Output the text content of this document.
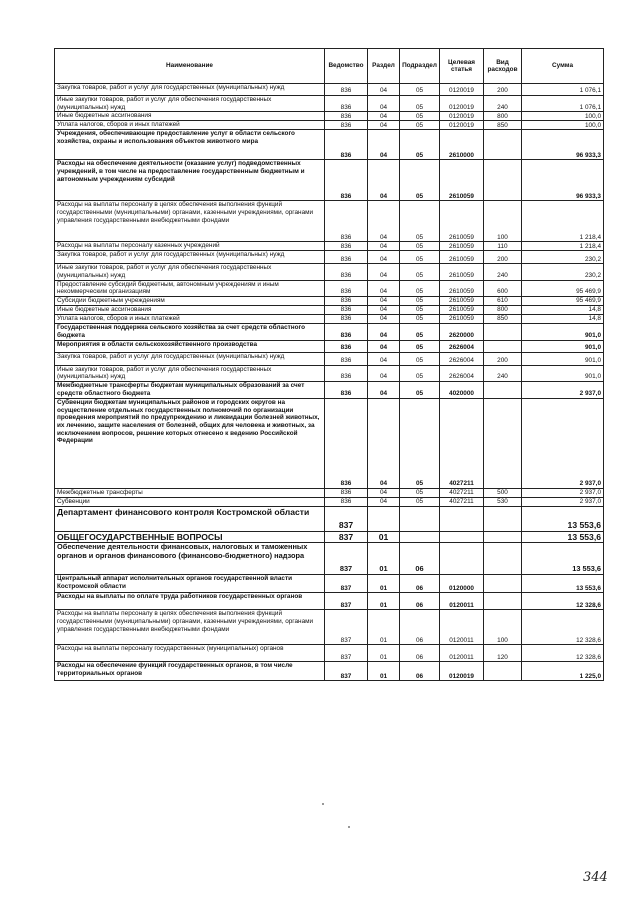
Наименование	Ведомство	Раздел	Подраздел	Целевая статья	Вид расходов	Сумма
Закупка товаров, работ и услуг для государственных (муниципальных) нужд	836	04	05	0120019	200	1 076,1
Иные закупки товаров, работ и услуг для обеспечения государственных (муниципальных) нужд	836	04	05	0120019	240	1 076,1
Иные бюджетные ассигнования	836	04	05	0120019	800	100,0
Уплата налогов, сборов и иных платежей	836	04	05	0120019	850	100,0
Учреждения, обеспечивающие предоставление услуг в области сельского хозяйства, охраны и использования объектов животного мира	836	04	05	2610000		96 933,3
Расходы на обеспечение деятельности (оказание услуг) подведомственных учреждений, в том числе на предоставление государственным бюджетным и автономным учреждениям субсидий	836	04	05	2610059		96 933,3
Расходы на выплаты персоналу в целях обеспечения выполнения функций государственными (муниципальными) органами, казенными учреждениями, органами управления государственными внебюджетными фондами	836	04	05	2610059	100	1 218,4
Расходы на выплаты персоналу казенных учреждений	836	04	05	2610059	110	1 218,4
Закупка товаров, работ и услуг для государственных (муниципальных) нужд	836	04	05	2610059	200	230,2
Иные закупки товаров, работ и услуг для обеспечения государственных (муниципальных) нужд	836	04	05	2610059	240	230,2
Предоставление субсидий бюджетным, автономным учреждениям и иным некоммерческим организациям	836	04	05	2610059	600	95 469,9
Субсидии бюджетным учреждениям	836	04	05	2610059	610	95 469,9
Иные бюджетные ассигнования	836	04	05	2610059	800	14,8
Уплата налогов, сборов и иных платежей	836	04	05	2610059	850	14,8
Государственная поддержка сельского хозяйства за счет средств областного бюджета	836	04	05	2620000		901,0
Мероприятия в области сельскохозяйственного производства	836	04	05	2626004		901,0
Закупка товаров, работ и услуг для государственных (муниципальных) нужд	836	04	05	2626004	200	901,0
Иные закупки товаров, работ и услуг для обеспечения государственных (муниципальных) нужд	836	04	05	2626004	240	901,0
Межбюджетные трансферты бюджетам муниципальных образований за счет средств областного бюджета	836	04	05	4020000		2 937,0
Субвенции бюджетам муниципальных районов и городских округов на осуществление отдельных государственных полномочий по организации проведения мероприятий по предупреждению и ликвидации болезней животных, их лечению, защите населения от болезней, общих для человека и животных, за исключением вопросов, решение которых отнесено к ведению Российской Федерации	836	04	05	4027211		2 937,0
Межбюджетные трансферты	836	04	05	4027211	500	2 937,0
Субвенции	836	04	05	4027211	530	2 937,0
Департамент финансового контроля Костромской области	837					13 553,6
ОБЩЕГОСУДАРСТВЕННЫЕ ВОПРОСЫ	837	01				13 553,6
Обеспечение деятельности финансовых, налоговых и таможенных органов и органов финансового (финансово-бюджетного) надзора	837	01	06			13 553,6
Центральный аппарат исполнительных органов государственной власти Костромской области	837	01	06	0120000		13 553,6
Расходы на выплаты по оплате труда работников государственных органов	837	01	06	0120011		12 328,6
Расходы на выплаты персоналу в целях обеспечения выполнения функций государственными (муниципальными) органами, казенными учреждениями, органами управления государственными внебюджетными фондами	837	01	06	0120011	100	12 328,6
Расходы на выплаты персоналу государственных (муниципальных) органов	837	01	06	0120011	120	12 328,6
Расходы на обеспечение функций государственных органов, в том числе территориальных органов	837	01	06	0120019		1 225,0
344
